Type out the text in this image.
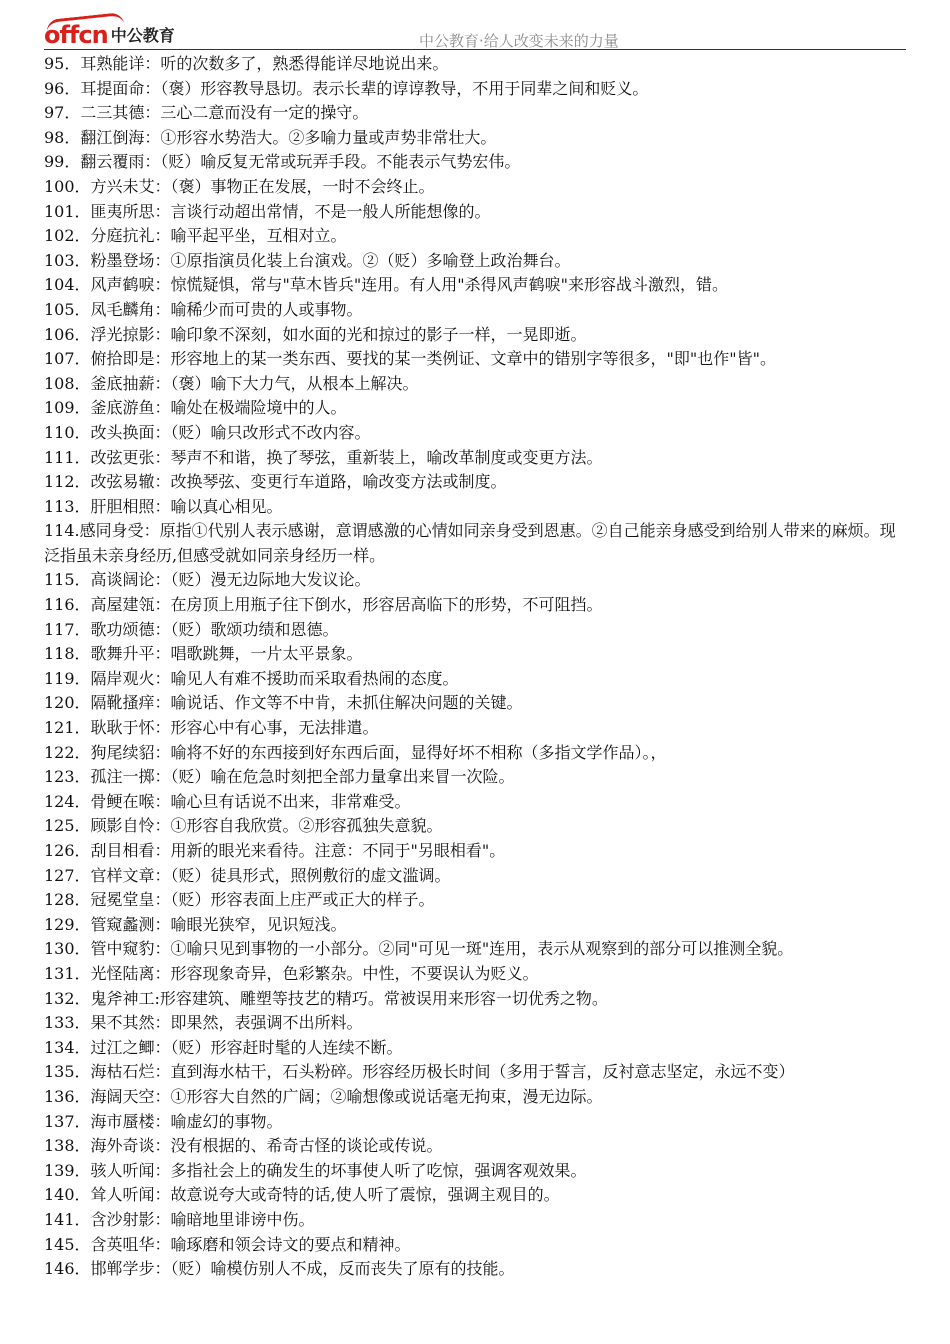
offcn 中公教育	中公教育·给人改变未来的力量
95．耳熟能详：听的次数多了，熟悉得能详尽地说出来。
96．耳提面命：（褒）形容教导恳切。表示长辈的谆谆教导，不用于同辈之间和贬义。
97．二三其德：三心二意而没有一定的操守。
98．翻江倒海：①形容水势浩大。②多喻力量或声势非常壮大。
99．翻云覆雨：（贬）喻反复无常或玩弄手段。不能表示气势宏伟。
100．方兴未艾：（褒）事物正在发展，一时不会终止。
101．匪夷所思：言谈行动超出常情，不是一般人所能想像的。
102．分庭抗礼：喻平起平坐，互相对立。
103．粉墨登场：①原指演员化装上台演戏。②（贬）多喻登上政治舞台。
104．风声鹤唳：惊慌疑惧，常与"草木皆兵"连用。有人用"杀得风声鹤唳"来形容战斗激烈，错。
105．凤毛麟角：喻稀少而可贵的人或事物。
106．浮光掠影：喻印象不深刻，如水面的光和掠过的影子一样，一晃即逝。
107．俯拾即是：形容地上的某一类东西、要找的某一类例证、文章中的错别字等很多，"即"也作"皆"。
108．釜底抽薪：（褒）喻下大力气，从根本上解决。
109．釜底游鱼：喻处在极端险境中的人。
110．改头换面：（贬）喻只改形式不改内容。
111．改弦更张：琴声不和谐，换了琴弦，重新装上，喻改革制度或变更方法。
112．改弦易辙：改换琴弦、变更行车道路，喻改变方法或制度。
113．肝胆相照：喻以真心相见。
114.感同身受：原指①代别人表示感谢，意谓感激的心情如同亲身受到恩惠。②自己能亲身感受到给别人带来的麻烦。现泛指虽未亲身经历,但感受就如同亲身经历一样。
115．高谈阔论：（贬）漫无边际地大发议论。
116．高屋建瓴：在房顶上用瓶子往下倒水，形容居高临下的形势，不可阻挡。
117．歌功颂德：（贬）歌颂功绩和恩德。
118．歌舞升平：唱歌跳舞，一片太平景象。
119．隔岸观火：喻见人有难不援助而采取看热闹的态度。
120．隔靴搔痒：喻说话、作文等不中肯，未抓住解决问题的关键。
121．耿耿于怀：形容心中有心事，无法排遣。
122．狗尾续貂：喻将不好的东西接到好东西后面，显得好坏不相称（多指文学作品）。，
123．孤注一掷：（贬）喻在危急时刻把全部力量拿出来冒一次险。
124．骨鲠在喉：喻心旦有话说不出来，非常难受。
125．顾影自怜：①形容自我欣赏。②形容孤独失意貌。
126．刮目相看：用新的眼光来看待。注意：不同于"另眼相看"。
127．官样文章：（贬）徒具形式，照例敷衍的虚文滥调。
128．冠冕堂皇：（贬）形容表面上庄严或正大的样子。
129．管窥蠡测：喻眼光狭窄，见识短浅。
130．管中窥豹：①喻只见到事物的一小部分。②同"可见一斑"连用，表示从观察到的部分可以推测全貌。
131．光怪陆离：形容现象奇异，色彩繁杂。中性，不要误认为贬义。
132．鬼斧神工:形容建筑、雕塑等技艺的精巧。常被误用来形容一切优秀之物。
133．果不其然：即果然，表强调不出所料。
134．过江之鲫：（贬）形容赶时髦的人连续不断。
135．海枯石烂：直到海水枯干，石头粉碎。形容经历极长时间（多用于誓言，反衬意志坚定，永远不变）
136．海阔天空：①形容大自然的广阔；②喻想像或说话毫无拘束，漫无边际。
137．海市蜃楼：喻虚幻的事物。
138．海外奇谈：没有根据的、希奇古怪的谈论或传说。
139．骇人听闻：多指社会上的确发生的坏事使人听了吃惊，强调客观效果。
140．耸人听闻：故意说夸大或奇特的话,使人听了震惊，强调主观目的。
141．含沙射影：喻暗地里诽谤中伤。
145．含英咀华：喻琢磨和领会诗文的要点和精神。
146．邯郸学步：（贬）喻模仿别人不成，反而丧失了原有的技能。
